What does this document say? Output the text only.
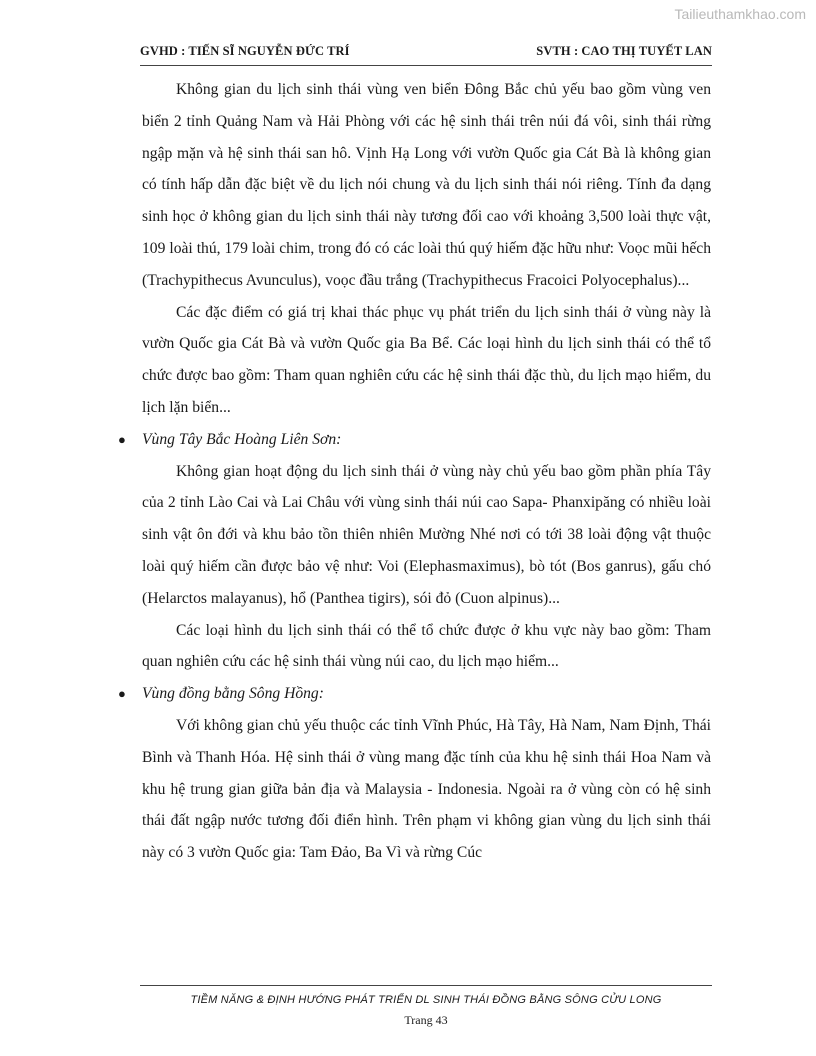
Tailieuthamkhao.com
GVHD : TIẾN SĨ NGUYỄN ĐỨC TRÍ	SVTH : CAO THỊ TUYẾT LAN

Không gian du lịch sinh thái vùng ven biển Đông Bắc chủ yếu bao gồm vùng ven biển 2 tỉnh Quảng Nam và Hải Phòng với các hệ sinh thái trên núi đá vôi, sinh thái rừng ngập mặn và hệ sinh thái san hô. Vịnh Hạ Long với vườn Quốc gia Cát Bà là không gian có tính hấp dẫn đặc biệt về du lịch nói chung và du lịch sinh thái nói riêng. Tính đa dạng sinh học ở không gian du lịch sinh thái này tương đối cao với khoảng 3,500 loài thực vật, 109 loài thú, 179 loài chim, trong đó có các loài thú quý hiếm đặc hữu như: Voọc mũi hếch (Trachypithecus Avunculus), voọc đầu trắng (Trachypithecus Fracoici Polyocephalus)...

Các đặc điểm có giá trị khai thác phục vụ phát triển du lịch sinh thái ở vùng này là vườn Quốc gia Cát Bà và vườn Quốc gia Ba Bể. Các loại hình du lịch sinh thái có thể tổ chức được bao gồm: Tham quan nghiên cứu các hệ sinh thái đặc thù, du lịch mạo hiểm, du lịch lặn biển...

● Vùng Tây Bắc Hoàng Liên Sơn:

Không gian hoạt động du lịch sinh thái ở vùng này chủ yếu bao gồm phần phía Tây của 2 tỉnh Lào Cai và Lai Châu với vùng sinh thái núi cao Sapa- Phanxipăng có nhiều loài sinh vật ôn đới và khu bảo tồn thiên nhiên Mường Nhé nơi có tới 38 loài động vật thuộc loài quý hiếm cần được bảo vệ như: Voi (Elephasmaximus), bò tót (Bos ganrus), gấu chó (Helarctos malayanus), hổ (Panthea tigirs), sói đỏ (Cuon alpinus)...

Các loại hình du lịch sinh thái có thể tổ chức được ở khu vực này bao gồm: Tham quan nghiên cứu các hệ sinh thái vùng núi cao, du lịch mạo hiểm...

● Vùng đồng bằng Sông Hồng:

Với không gian chủ yếu thuộc các tỉnh Vĩnh Phúc, Hà Tây, Hà Nam, Nam Định, Thái Bình và Thanh Hóa. Hệ sinh thái ở vùng mang đặc tính của khu hệ sinh thái Hoa Nam và khu hệ trung gian giữa bản địa và Malaysia - Indonesia. Ngoài ra ở vùng còn có hệ sinh thái đất ngập nước tương đối điển hình. Trên phạm vi không gian vùng du lịch sinh thái này có 3 vườn Quốc gia: Tam Đảo, Ba Vì và rừng Cúc

TIỀM NĂNG & ĐỊNH HƯỚNG PHÁT TRIỂN DL SINH THÁI ĐỒNG BẰNG SÔNG CỬU LONG
Trang 43
